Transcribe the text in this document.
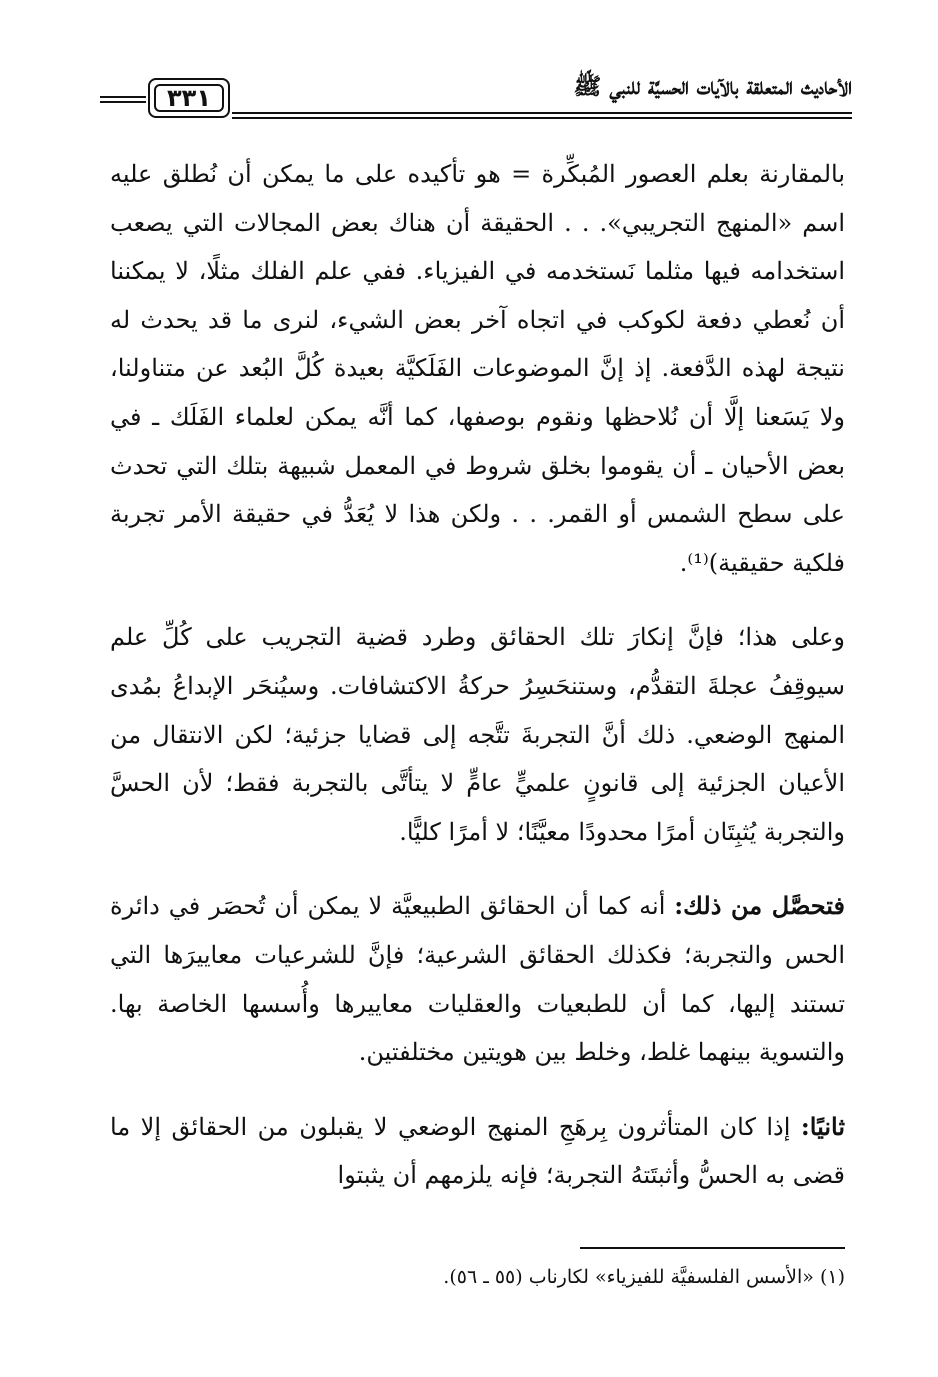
الأحاديث المتعلقة بالآيات الحسيَّة للنبي ﷺ
٣٣١

بالمقارنة بعلم العصور المُبكِّرة = هو تأكيده على ما يمكن أن نُطلق عليه اسم «المنهج التجريبي». . . الحقيقة أن هناك بعض المجالات التي يصعب استخدامه فيها مثلما نَستخدمه في الفيزياء. ففي علم الفلك مثلًا، لا يمكننا أن نُعطي دفعة لكوكب في اتجاه آخر بعض الشيء، لنرى ما قد يحدث له نتيجة لهذه الدَّفعة. إذ إنَّ الموضوعات الفَلَكيَّة بعيدة كُلَّ البُعد عن متناولنا، ولا يَسَعنا إلَّا أن نُلاحظها ونقوم بوصفها، كما أنَّه يمكن لعلماء الفَلَك ـ في بعض الأحيان ـ أن يقوموا بخلق شروط في المعمل شبيهة بتلك التي تحدث على سطح الشمس أو القمر. . . ولكن هذا لا يُعَدُّ في حقيقة الأمر تجربة فلكية حقيقية)⁽¹⁾.

وعلى هذا؛ فإنَّ إنكارَ تلك الحقائق وطرد قضية التجريب على كُلِّ علم سيوقِفُ عجلةَ التقدُّم، وستنحَسِرُ حركةُ الاكتشافات. وسيُنحَر الإبداعُ بمُدى المنهج الوضعي. ذلك أنَّ التجربةَ تتَّجه إلى قضايا جزئية؛ لكن الانتقال من الأعيان الجزئية إلى قانونٍ علميٍّ عامٍّ لا يتأتَّى بالتجربة فقط؛ لأن الحسَّ والتجربة يُثبِتَان أمرًا محدودًا معيَّنًا؛ لا أمرًا كليًّا.

فتحصَّل من ذلك: أنه كما أن الحقائق الطبيعيَّة لا يمكن أن تُحصَر في دائرة الحس والتجربة؛ فكذلك الحقائق الشرعية؛ فإنَّ للشرعيات معاييرَها التي تستند إليها، كما أن للطبعيات والعقليات معاييرها وأُسسها الخاصة بها. والتسوية بينهما غلط، وخلط بين هويتين مختلفتين.

ثانيًا: إذا كان المتأثرون بِرهَجِ المنهج الوضعي لا يقبلون من الحقائق إلا ما قضى به الحسُّ وأثبتَتهُ التجربة؛ فإنه يلزمهم أن يثبتوا

(١) «الأسس الفلسفيَّة للفيزياء» لكارناب (٥٥ ـ ٥٦).
